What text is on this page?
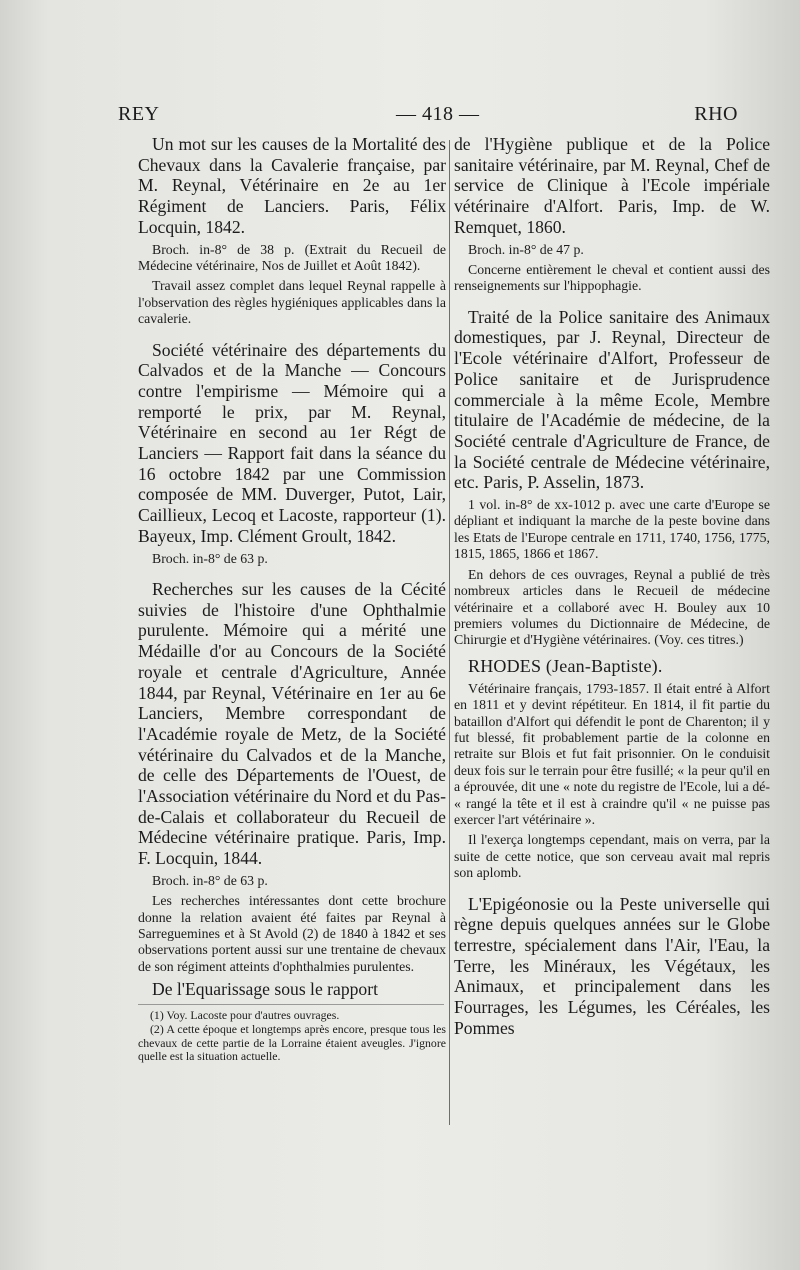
REY	— 418 —	RHO

Un mot sur les causes de la Mortalité des Chevaux dans la Cavalerie française, par M. Reynal, Vétérinaire en 2e au 1er Régiment de Lanciers. Paris, Félix Locquin, 1842.

Broch. in-8° de 38 p. (Extrait du Recueil de Médecine vétérinaire, Nos de Juillet et Août 1842).

Travail assez complet dans lequel Reynal rappelle à l'observation des règles hygiéniques applicables dans la cavalerie.

Société vétérinaire des départements du Calvados et de la Manche — Concours contre l'empirisme — Mémoire qui a remporté le prix, par M. Reynal, Vétérinaire en second au 1er Régt de Lanciers — Rapport fait dans la séance du 16 octobre 1842 par une Commission composée de MM. Duverger, Putot, Lair, Caillieux, Lecoq et Lacoste, rapporteur (1). Bayeux, Imp. Clément Groult, 1842.

Broch. in-8° de 63 p.

Recherches sur les causes de la Cécité suivies de l'histoire d'une Ophthalmie purulente. Mémoire qui a mérité une Médaille d'or au Concours de la Société royale et centrale d'Agriculture, Année 1844, par Reynal, Vétérinaire en 1er au 6e Lanciers, Membre correspondant de l'Académie royale de Metz, de la Société vétérinaire du Calvados et de la Manche, de celle des Départements de l'Ouest, de l'Association vétérinaire du Nord et du Pas-de-Calais et collaborateur du Recueil de Médecine vétérinaire pratique. Paris, Imp. F. Locquin, 1844.

Broch. in-8° de 63 p.

Les recherches intéressantes dont cette brochure donne la relation avaient été faites par Reynal à Sarreguemines et à St Avold (2) de 1840 à 1842 et ses observations portent aussi sur une trentaine de chevaux de son régiment atteints d'ophthalmies purulentes.

De l'Equarissage sous le rapport

(1) Voy. Lacoste pour d'autres ouvrages.

(2) A cette époque et longtemps après encore, presque tous les chevaux de cette partie de la Lorraine étaient aveugles. J'ignore quelle est la situation actuelle.

de l'Hygiène publique et de la Police sanitaire vétérinaire, par M. Reynal, Chef de service de Clinique à l'Ecole impériale vétérinaire d'Alfort. Paris, Imp. de W. Remquet, 1860.

Broch. in-8° de 47 p.

Concerne entièrement le cheval et contient aussi des renseignements sur l'hippophagie.

Traité de la Police sanitaire des Animaux domestiques, par J. Reynal, Directeur de l'Ecole vétérinaire d'Alfort, Professeur de Police sanitaire et de Jurisprudence commerciale à la même Ecole, Membre titulaire de l'Académie de médecine, de la Société centrale d'Agriculture de France, de la Société centrale de Médecine vétérinaire, etc. Paris, P. Asselin, 1873.

1 vol. in-8° de xx-1012 p. avec une carte d'Europe se dépliant et indiquant la marche de la peste bovine dans les Etats de l'Europe centrale en 1711, 1740, 1756, 1775, 1815, 1865, 1866 et 1867.

En dehors de ces ouvrages, Reynal a publié de très nombreux articles dans le Recueil de médecine vétérinaire et a collaboré avec H. Bouley aux 10 premiers volumes du Dictionnaire de Médecine, de Chirurgie et d'Hygiène vétérinaires. (Voy. ces titres.)

RHODES (Jean-Baptiste).

Vétérinaire français, 1793-1857. Il était entré à Alfort en 1811 et y devint répétiteur. En 1814, il fit partie du bataillon d'Alfort qui défendit le pont de Charenton; il y fut blessé, fit probablement partie de la colonne en retraite sur Blois et fut fait prisonnier. On le conduisit deux fois sur le terrain pour être fusillé; « la peur qu'il en a éprouvée, dit une « note du registre de l'Ecole, lui a dé- « rangé la tête et il est à craindre qu'il « ne puisse pas exercer l'art vétérinaire ».

Il l'exerça longtemps cependant, mais on verra, par la suite de cette notice, que son cerveau avait mal repris son aplomb.

L'Epigéonosie ou la Peste universelle qui règne depuis quelques années sur le Globe terrestre, spécialement dans l'Air, l'Eau, la Terre, les Minéraux, les Végétaux, les Animaux, et principalement dans les Fourrages, les Légumes, les Céréales, les Pommes
